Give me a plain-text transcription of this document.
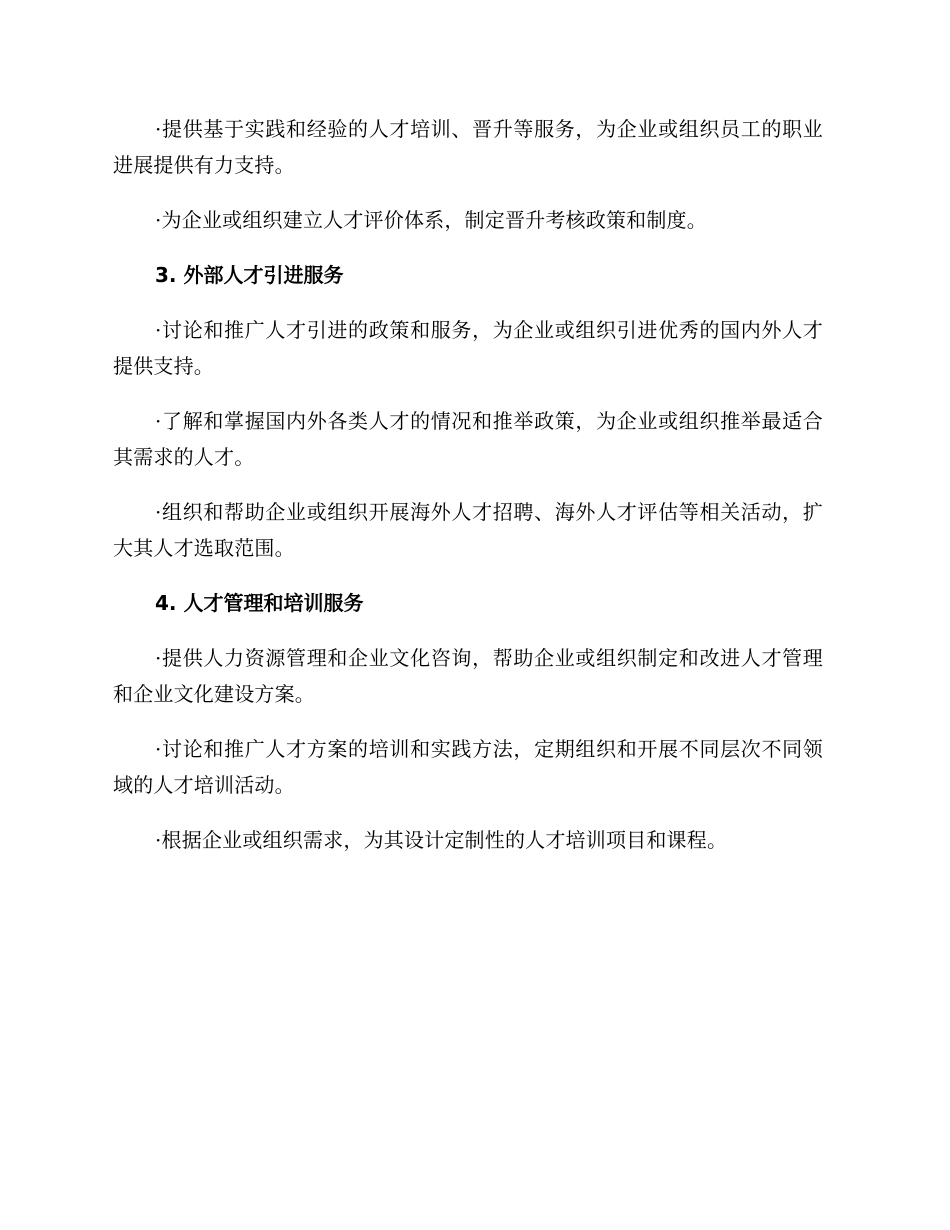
·提供基于实践和经验的人才培训、晋升等服务，为企业或组织员工的职业进展提供有力支持。

·为企业或组织建立人才评价体系，制定晋升考核政策和制度。

3. 外部人才引进服务

·讨论和推广人才引进的政策和服务，为企业或组织引进优秀的国内外人才提供支持。

·了解和掌握国内外各类人才的情况和推举政策，为企业或组织推举最适合其需求的人才。

·组织和帮助企业或组织开展海外人才招聘、海外人才评估等相关活动，扩大其人才选取范围。

4. 人才管理和培训服务

·提供人力资源管理和企业文化咨询，帮助企业或组织制定和改进人才管理和企业文化建设方案。

·讨论和推广人才方案的培训和实践方法，定期组织和开展不同层次不同领域的人才培训活动。

·根据企业或组织需求，为其设计定制性的人才培训项目和课程。
